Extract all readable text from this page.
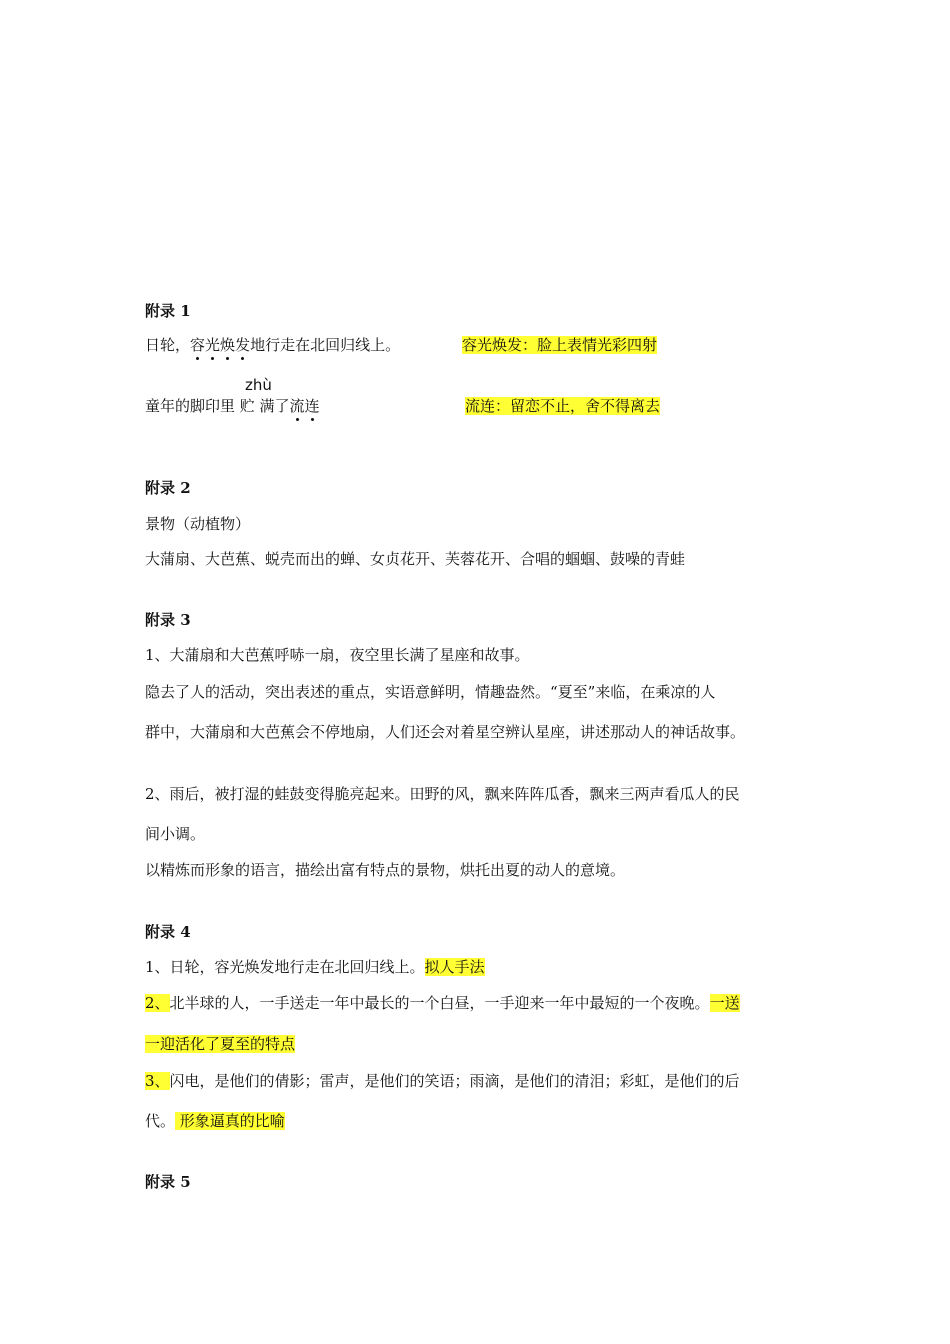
附录 1
日轮，容光焕发地行走在北回归线上。	容光焕发：脸上表情光彩四射
zhù
童年的脚印里 贮 满了流连	流连：留恋不止，舍不得离去
附录 2
景物（动植物）
大蒲扇、大芭蕉、蜕壳而出的蝉、女贞花开、芙蓉花开、合唱的蝈蝈、鼓噪的青蛙
附录 3
1、大蒲扇和大芭蕉呼哧一扇，夜空里长满了星座和故事。
隐去了人的活动，突出表述的重点，实语意鲜明，情趣盎然。“夏至”来临，在乘凉的人
群中，大蒲扇和大芭蕉会不停地扇，人们还会对着星空辨认星座，讲述那动人的神话故事。
2、雨后，被打湿的蛙鼓变得脆亮起来。田野的风，飘来阵阵瓜香，飘来三两声看瓜人的民
间小调。
以精炼而形象的语言，描绘出富有特点的景物，烘托出夏的动人的意境。
附录 4
1、日轮，容光焕发地行走在北回归线上。拟人手法
2、北半球的人，一手送走一年中最长的一个白昼，一手迎来一年中最短的一个夜晚。一送
一迎活化了夏至的特点
3、闪电，是他们的倩影；雷声，是他们的笑语；雨滴，是他们的清泪；彩虹，是他们的后
代。 形象逼真的比喻
附录 5
